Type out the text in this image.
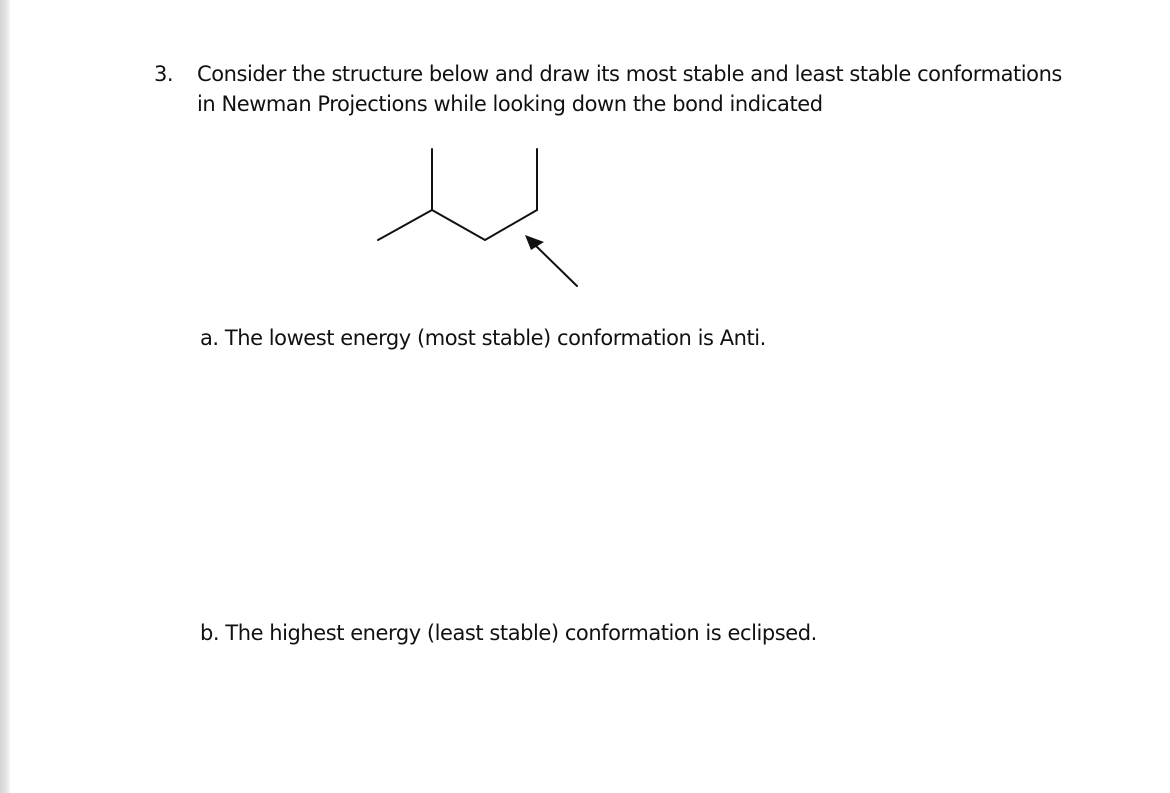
3. Consider the structure below and draw its most stable and least stable conformations
in Newman Projections while looking down the bond indicated
a. The lowest energy (most stable) conformation is Anti.
b. The highest energy (least stable) conformation is eclipsed.
